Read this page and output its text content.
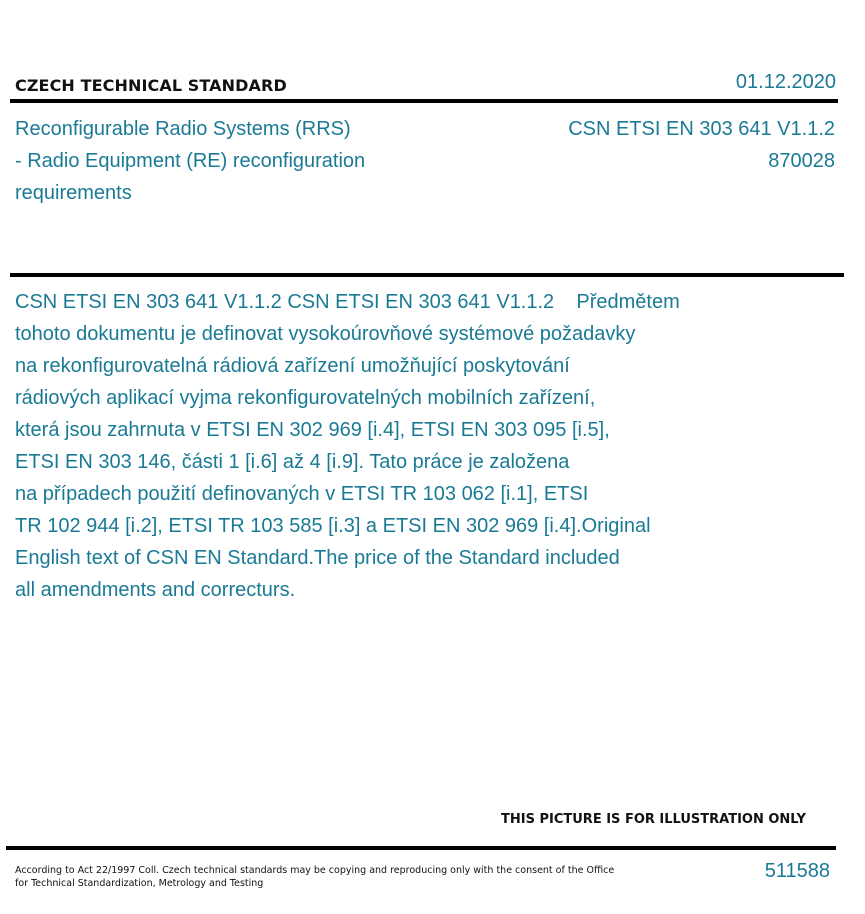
CZECH TECHNICAL STANDARD	01.12.2020
Reconfigurable Radio Systems (RRS)
- Radio Equipment (RE) reconfiguration
requirements
CSN ETSI EN 303 641 V1.1.2
870028
CSN ETSI EN 303 641 V1.1.2 CSN ETSI EN 303 641 V1.1.2    Předmětem
tohoto dokumentu je definovat vysokoúrovňové systémové požadavky
na rekonfigurovatelná rádiová zařízení umožňující poskytování
rádiových aplikací vyjma rekonfigurovatelných mobilních zařízení,
která jsou zahrnuta v ETSI EN 302 969 [i.4], ETSI EN 303 095 [i.5],
ETSI EN 303 146, části 1 [i.6] až 4 [i.9]. Tato práce je založena
na případech použití definovaných v ETSI TR 103 062 [i.1], ETSI
TR 102 944 [i.2], ETSI TR 103 585 [i.3] a ETSI EN 302 969 [i.4].Original
English text of CSN EN Standard.The price of the Standard included
all amendments and correcturs.
THIS PICTURE IS FOR ILLUSTRATION ONLY
According to Act 22/1997 Coll. Czech technical standards may be copying and reproducing only with the consent of the Office
for Technical Standardization, Metrology and Testing
511588
